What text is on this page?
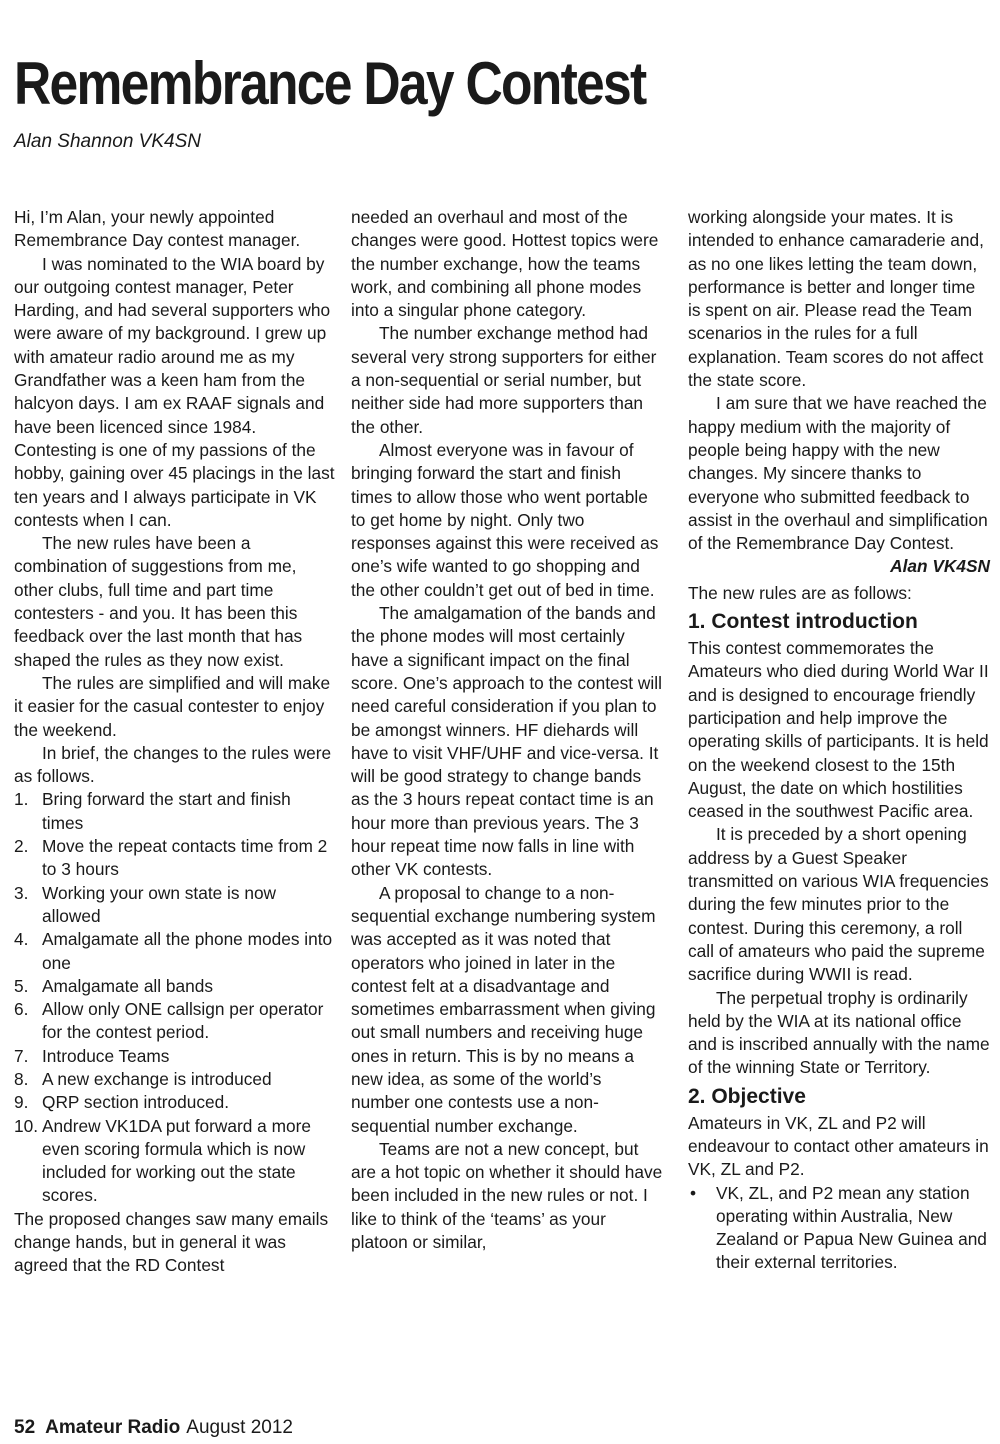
Remembrance Day Contest

Alan Shannon VK4SN

Hi, I’m Alan, your newly appointed Remembrance Day contest manager.

I was nominated to the WIA board by our outgoing contest manager, Peter Harding, and had several supporters who were aware of my background. I grew up with amateur radio around me as my Grandfather was a keen ham from the halcyon days. I am ex RAAF signals and have been licenced since 1984. Contesting is one of my passions of the hobby, gaining over 45 placings in the last ten years and I always participate in VK contests when I can.

The new rules have been a combination of suggestions from me, other clubs, full time and part time contesters - and you. It has been this feedback over the last month that has shaped the rules as they now exist.

The rules are simplified and will make it easier for the casual contester to enjoy the weekend.

In brief, the changes to the rules were as follows.

1. Bring forward the start and finish times
2. Move the repeat contacts time from 2 to 3 hours
3. Working your own state is now allowed
4. Amalgamate all the phone modes into one
5. Amalgamate all bands
6. Allow only ONE callsign per operator for the contest period.
7. Introduce Teams
8. A new exchange is introduced
9. QRP section introduced.
10. Andrew VK1DA put forward a more even scoring formula which is now included for working out the state scores.

The proposed changes saw many emails change hands, but in general it was agreed that the RD Contest

needed an overhaul and most of the changes were good. Hottest topics were the number exchange, how the teams work, and combining all phone modes into a singular phone category.

The number exchange method had several very strong supporters for either a non-sequential or serial number, but neither side had more supporters than the other.

Almost everyone was in favour of bringing forward the start and finish times to allow those who went portable to get home by night. Only two responses against this were received as one’s wife wanted to go shopping and the other couldn’t get out of bed in time.

The amalgamation of the bands and the phone modes will most certainly have a significant impact on the final score. One’s approach to the contest will need careful consideration if you plan to be amongst winners. HF diehards will have to visit VHF/UHF and vice-versa. It will be good strategy to change bands as the 3 hours repeat contact time is an hour more than previous years. The 3 hour repeat time now falls in line with other VK contests.

A proposal to change to a non-sequential exchange numbering system was accepted as it was noted that operators who joined in later in the contest felt at a disadvantage and sometimes embarrassment when giving out small numbers and receiving huge ones in return. This is by no means a new idea, as some of the world’s number one contests use a non-sequential number exchange.

Teams are not a new concept, but are a hot topic on whether it should have been included in the new rules or not. I like to think of the ‘teams’ as your platoon or similar,

working alongside your mates. It is intended to enhance camaraderie and, as no one likes letting the team down, performance is better and longer time is spent on air. Please read the Team scenarios in the rules for a full explanation. Team scores do not affect the state score.

I am sure that we have reached the happy medium with the majority of people being happy with the new changes. My sincere thanks to everyone who submitted feedback to assist in the overhaul and simplification of the Remembrance Day Contest.

Alan VK4SN

The new rules are as follows:

1. Contest introduction

This contest commemorates the Amateurs who died during World War II and is designed to encourage friendly participation and help improve the operating skills of participants. It is held on the weekend closest to the 15th August, the date on which hostilities ceased in the southwest Pacific area.

It is preceded by a short opening address by a Guest Speaker transmitted on various WIA frequencies during the few minutes prior to the contest. During this ceremony, a roll call of amateurs who paid the supreme sacrifice during WWII is read.

The perpetual trophy is ordinarily held by the WIA at its national office and is inscribed annually with the name of the winning State or Territory.

2. Objective

Amateurs in VK, ZL and P2 will endeavour to contact other amateurs in VK, ZL and P2.

• VK, ZL, and P2 mean any station operating within Australia, New Zealand or Papua New Guinea and their external territories.
52 Amateur Radio August 2012
